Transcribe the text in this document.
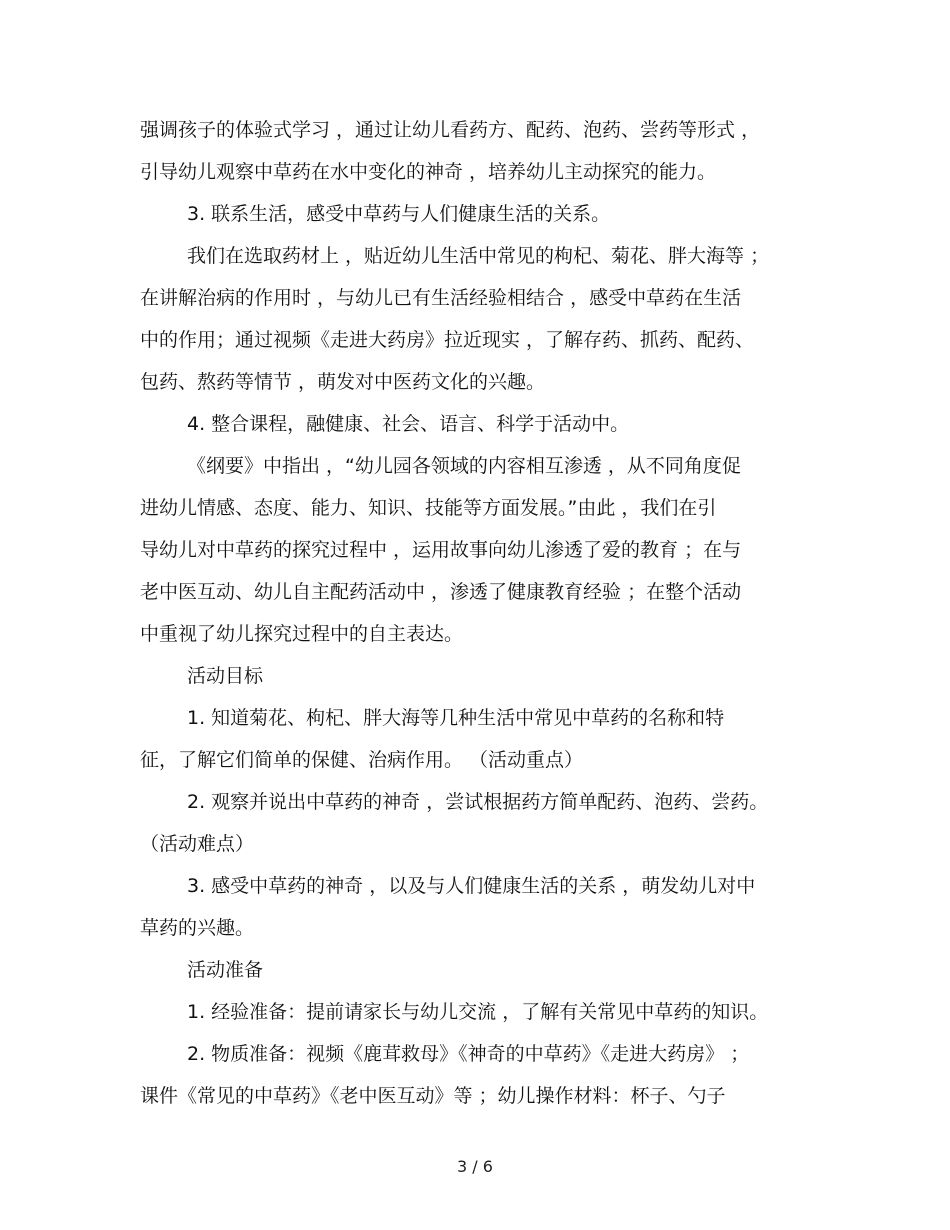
强调孩子的体验式学习 ，通过让幼儿看药方、配药、泡药、尝药等形式 ，
引导幼儿观察中草药在水中变化的神奇 ，培养幼儿主动探究的能力。
3. 联系生活，感受中草药与人们健康生活的关系。
我们在选取药材上 ，贴近幼儿生活中常见的枸杞、菊花、胖大海等 ；
在讲解治病的作用时 ，与幼儿已有生活经验相结合 ，感受中草药在生活
中的作用；通过视频《走进大药房》拉近现实 ，了解存药、抓药、配药、
包药、熬药等情节 ，萌发对中医药文化的兴趣。
4. 整合课程，融健康、社会、语言、科学于活动中。
《纲要》中指出 ，“幼儿园各领域的内容相互渗透 ，从不同角度促
进幼儿情感、态度、能力、知识、技能等方面发展。”由此 ，我们在引
导幼儿对中草药的探究过程中 ，运用故事向幼儿渗透了爱的教育 ；在与
老中医互动、幼儿自主配药活动中 ，渗透了健康教育经验 ；在整个活动
中重视了幼儿探究过程中的自主表达。
活动目标
1. 知道菊花、枸杞、胖大海等几种生活中常见中草药的名称和特
征，了解它们简单的保健、治病作用。 （活动重点）
2. 观察并说出中草药的神奇 ，尝试根据药方简单配药、泡药、尝药。
（活动难点）
3. 感受中草药的神奇 ，以及与人们健康生活的关系 ，萌发幼儿对中
草药的兴趣。
活动准备
1. 经验准备：提前请家长与幼儿交流 ，了解有关常见中草药的知识。
2. 物质准备：视频《鹿茸救母》《神奇的中草药》《走进大药房》 ；
课件《常见的中草药》《老中医互动》等 ；幼儿操作材料：杯子、勺子
3 / 6
